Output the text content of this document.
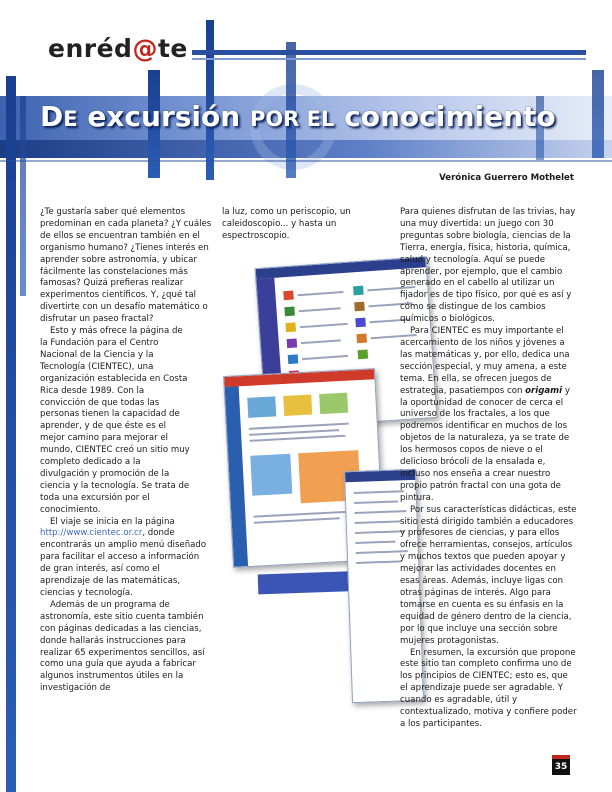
enréd@te
DE excursión POR EL conocimiento
Verónica Guerrero Mothelet

¿Te gustaría saber qué elementos predominan en cada planeta? ¿Y cuáles de ellos se encuentran también en el organismo humano? ¿Tienes interés en aprender sobre astronomía, y ubicar fácilmente las constelaciones más famosas? Quizá prefieras realizar experimentos científicos. Y, ¿qué tal divertirte con un desafío matemático o disfrutar un paseo fractal?

Esto y más ofrece la página de la Fundación para el Centro Nacional de la Ciencia y la Tecnología (CIENTEC), una organización establecida en Costa Rica desde 1989. Con la convicción de que todas las personas tienen la capacidad de aprender, y de que éste es el mejor camino para mejorar el mundo, CIENTEC creó un sitio muy completo dedicado a la divulgación y promoción de la ciencia y la tecnología. Se trata de toda una excursión por el conocimiento.

El viaje se inicia en la página http://www.cientec.or.cr, donde encontrarás un amplio menú diseñado para facilitar el acceso a información de gran interés, así como el aprendizaje de las matemáticas, ciencias y tecnología.

Además de un programa de astronomía, este sitio cuenta también con páginas dedicadas a las ciencias, donde hallarás instrucciones para realizar 65 experimentos sencillos, así como una guía que ayuda a fabricar algunos instrumentos útiles en la investigación de

la luz, como un periscopio, un caleidoscopio... y hasta un espectroscopio.

Para quienes disfrutan de las trivias, hay una muy divertida: un juego con 30 preguntas sobre biología, ciencias de la Tierra, energía, física, historia, química, salud y tecnología. Aquí se puede aprender, por ejemplo, que el cambio generado en el cabello al utilizar un fijador es de tipo físico, por qué es así y cómo se distingue de los cambios químicos o biológicos.

Para CIENTEC es muy importante el acercamiento de los niños y jóvenes a las matemáticas y, por ello, dedica una sección especial, y muy amena, a este tema. En ella, se ofrecen juegos de estrategia, pasatiempos con origami y la oportunidad de conocer de cerca el universo de los fractales, a los que podremos identificar en muchos de los objetos de la naturaleza, ya se trate de los hermosos copos de nieve o el delicioso brócoli de la ensalada e, incluso nos enseña a crear nuestro propio patrón fractal con una gota de pintura.

Por sus características didácticas, este sitio está dirigido también a educadores y profesores de ciencias, y para ellos ofrece herramientas, consejos, artículos y muchos textos que pueden apoyar y mejorar las actividades docentes en esas áreas. Además, incluye ligas con otras páginas de interés. Algo para tomarse en cuenta es su énfasis en la equidad de género dentro de la ciencia, por lo que incluye una sección sobre mujeres protagonistas.

En resumen, la excursión que propone este sitio tan completo confirma uno de los principios de CIENTEC; esto es, que el aprendizaje puede ser agradable. Y cuando es agradable, útil y contextualizado, motiva y confiere poder a los participantes.

35
